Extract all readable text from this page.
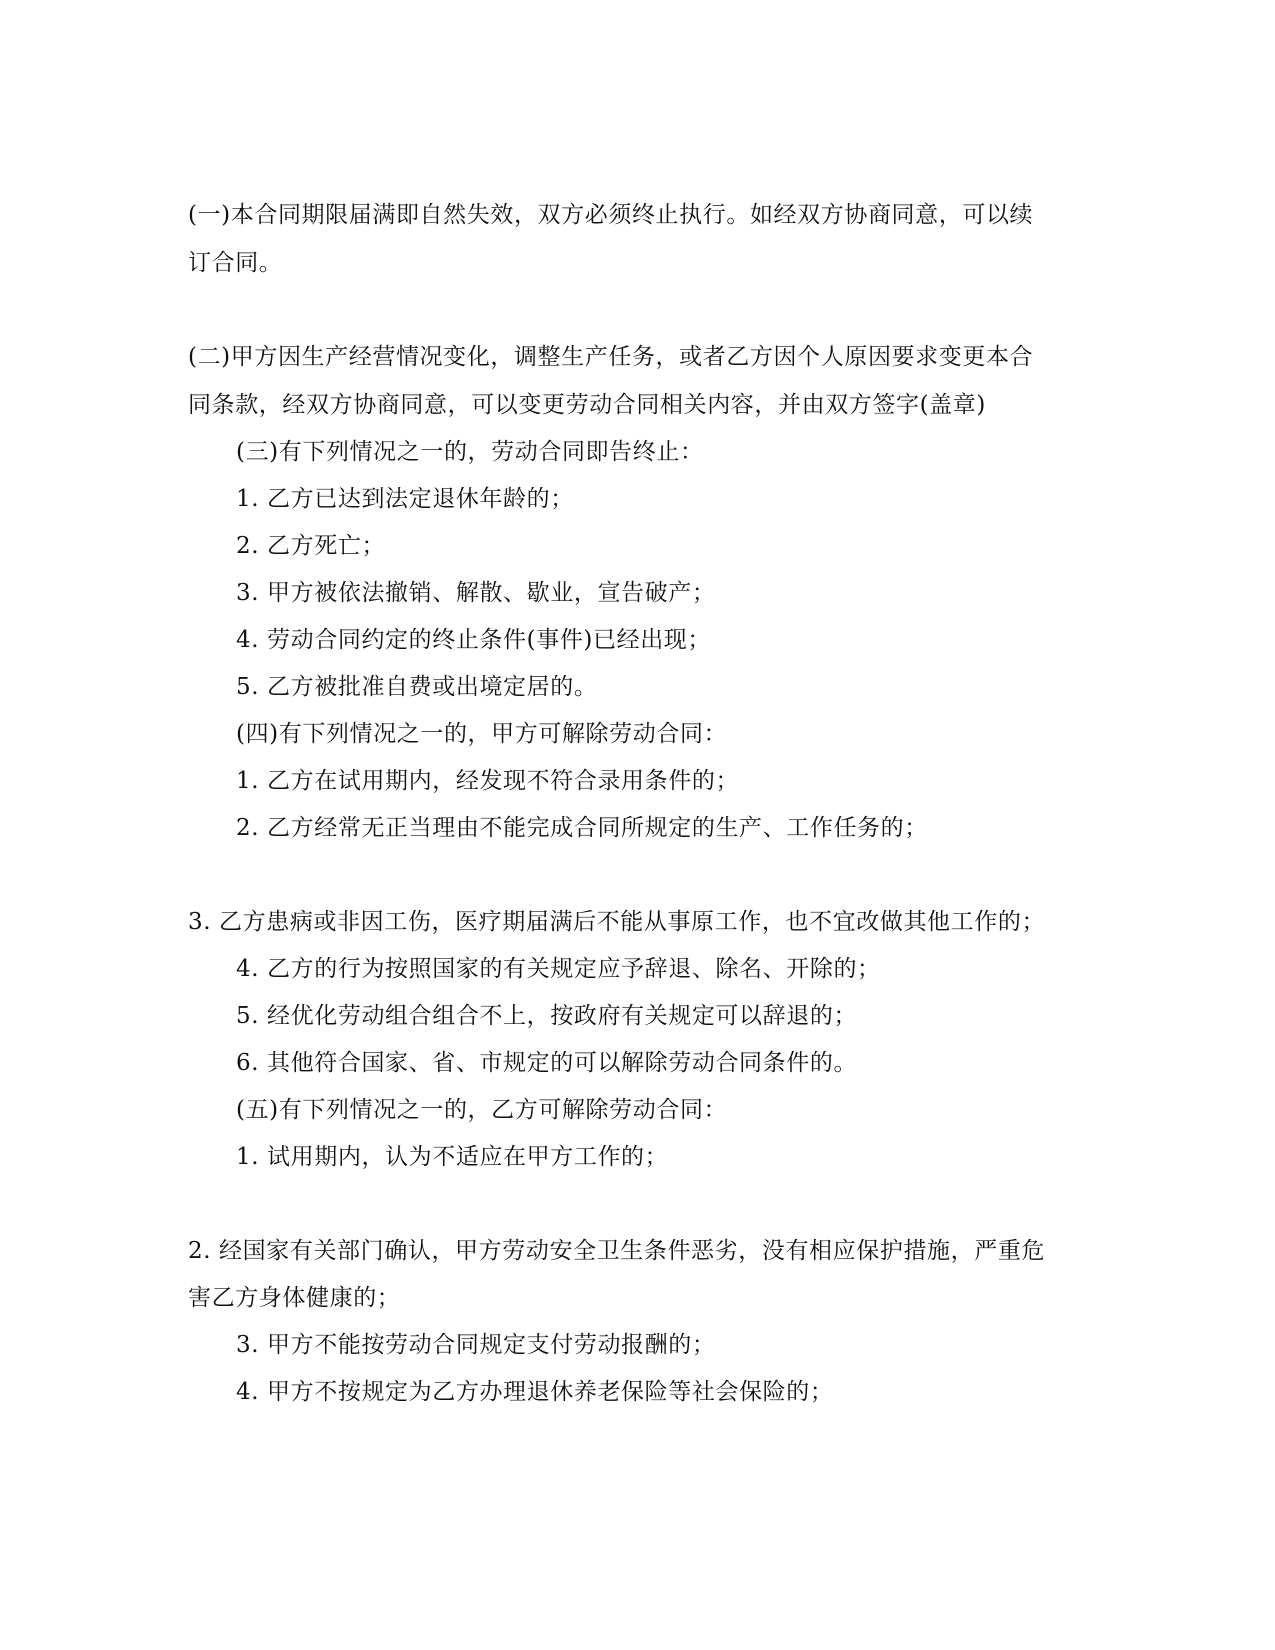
(一)本合同期限届满即自然失效，双方必须终止执行。如经双方协商同意，可以续

订合同。

(二)甲方因生产经营情况变化，调整生产任务，或者乙方因个人原因要求变更本合

同条款，经双方协商同意，可以变更劳动合同相关内容，并由双方签字(盖章)

(三)有下列情况之一的，劳动合同即告终止：

1. 乙方已达到法定退休年龄的；

2. 乙方死亡；

3. 甲方被依法撤销、解散、歇业，宣告破产；

4. 劳动合同约定的终止条件(事件)已经出现；

5. 乙方被批准自费或出境定居的。

(四)有下列情况之一的，甲方可解除劳动合同：

1. 乙方在试用期内，经发现不符合录用条件的；

2. 乙方经常无正当理由不能完成合同所规定的生产、工作任务的；

3. 乙方患病或非因工伤，医疗期届满后不能从事原工作，也不宜改做其他工作的；

4. 乙方的行为按照国家的有关规定应予辞退、除名、开除的；

5. 经优化劳动组合组合不上，按政府有关规定可以辞退的；

6. 其他符合国家、省、市规定的可以解除劳动合同条件的。

(五)有下列情况之一的，乙方可解除劳动合同：

1. 试用期内，认为不适应在甲方工作的；

2. 经国家有关部门确认，甲方劳动安全卫生条件恶劣，没有相应保护措施，严重危

害乙方身体健康的；

3. 甲方不能按劳动合同规定支付劳动报酬的；

4. 甲方不按规定为乙方办理退休养老保险等社会保险的；
